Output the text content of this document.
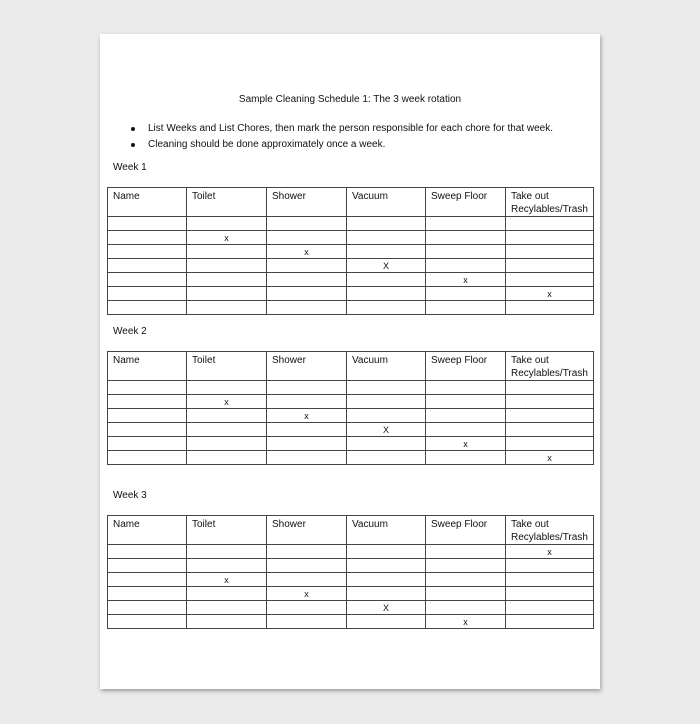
Sample Cleaning Schedule 1: The 3 week rotation
List Weeks and List Chores, then mark the person responsible for each chore for that week.
Cleaning should be done approximately once a week.
Week 1
Name	Toilet	Shower	Vacuum	Sweep Floor	Take out Recylables/Trash

	x				
		x			
			X		
				x	
					x

Week 2
Name	Toilet	Shower	Vacuum	Sweep Floor	Take out Recylables/Trash

	x				
		x			
			X		
				x	
					x
Week 3
Name	Toilet	Shower	Vacuum	Sweep Floor	Take out Recylables/Trash
					x

	x				
		x			
			X		
				x	
